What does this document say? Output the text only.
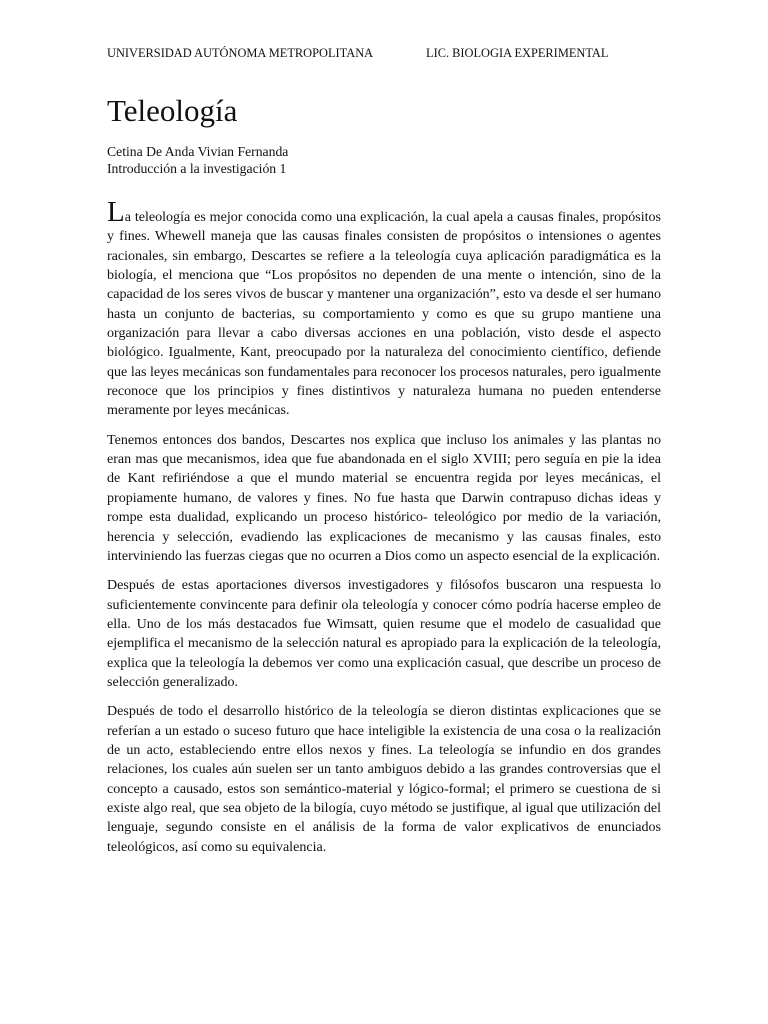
UNIVERSIDAD AUTÓNOMA METROPOLITANA	LIC. BIOLOGIA EXPERIMENTAL
Teleología
Cetina De Anda Vivian Fernanda
Introducción a la investigación 1

La teleología es mejor conocida como una explicación, la cual apela a causas finales, propósitos y fines. Whewell maneja que las causas finales consisten de propósitos o intensiones o agentes racionales, sin embargo, Descartes se refiere a la teleología cuya aplicación paradigmática es la biología, el menciona que “Los propósitos no dependen de una mente o intención, sino de la capacidad de los seres vivos de buscar y mantener una organización”, esto va desde el ser humano hasta un conjunto de bacterias, su comportamiento y como es que su grupo mantiene una organización para llevar a cabo diversas acciones en una población, visto desde el aspecto biológico. Igualmente, Kant, preocupado por la naturaleza del conocimiento científico, defiende que las leyes mecánicas son fundamentales para reconocer los procesos naturales, pero igualmente reconoce que los principios y fines distintivos y naturaleza humana no pueden entenderse meramente por leyes mecánicas.

Tenemos entonces dos bandos, Descartes nos explica que incluso los animales y las plantas no eran mas que mecanismos, idea que fue abandonada en el siglo XVIII; pero seguía en pie la idea de Kant refiriéndose a que el mundo material se encuentra regida por leyes mecánicas, el propiamente humano, de valores y fines. No fue hasta que Darwin contrapuso dichas ideas y rompe esta dualidad, explicando un proceso histórico- teleológico por medio de la variación, herencia y selección, evadiendo las explicaciones de mecanismo y las causas finales, esto interviniendo las fuerzas ciegas que no ocurren a Dios como un aspecto esencial de la explicación.

Después de estas aportaciones diversos investigadores y filósofos buscaron una respuesta lo suficientemente convincente para definir ola teleología y conocer cómo podría hacerse empleo de ella. Uno de los más destacados fue Wimsatt, quien resume que el modelo de casualidad que ejemplifica el mecanismo de la selección natural es apropiado para la explicación de la teleología, explica que la teleología la debemos ver como una explicación casual, que describe un proceso de selección generalizado.

Después de todo el desarrollo histórico de la teleología se dieron distintas explicaciones que se referían a un estado o suceso futuro que hace inteligible la existencia de una cosa o la realización de un acto, estableciendo entre ellos nexos y fines. La teleología se infundio en dos grandes relaciones, los cuales aún suelen ser un tanto ambiguos debido a las grandes controversias que el concepto a causado, estos son semántico-material y lógico-formal; el primero se cuestiona de si existe algo real, que sea objeto de la bilogía, cuyo método se justifique, al igual que utilización del lenguaje, segundo consiste en el análisis de la forma de valor explicativos de enunciados teleológicos, así como su equivalencia.
